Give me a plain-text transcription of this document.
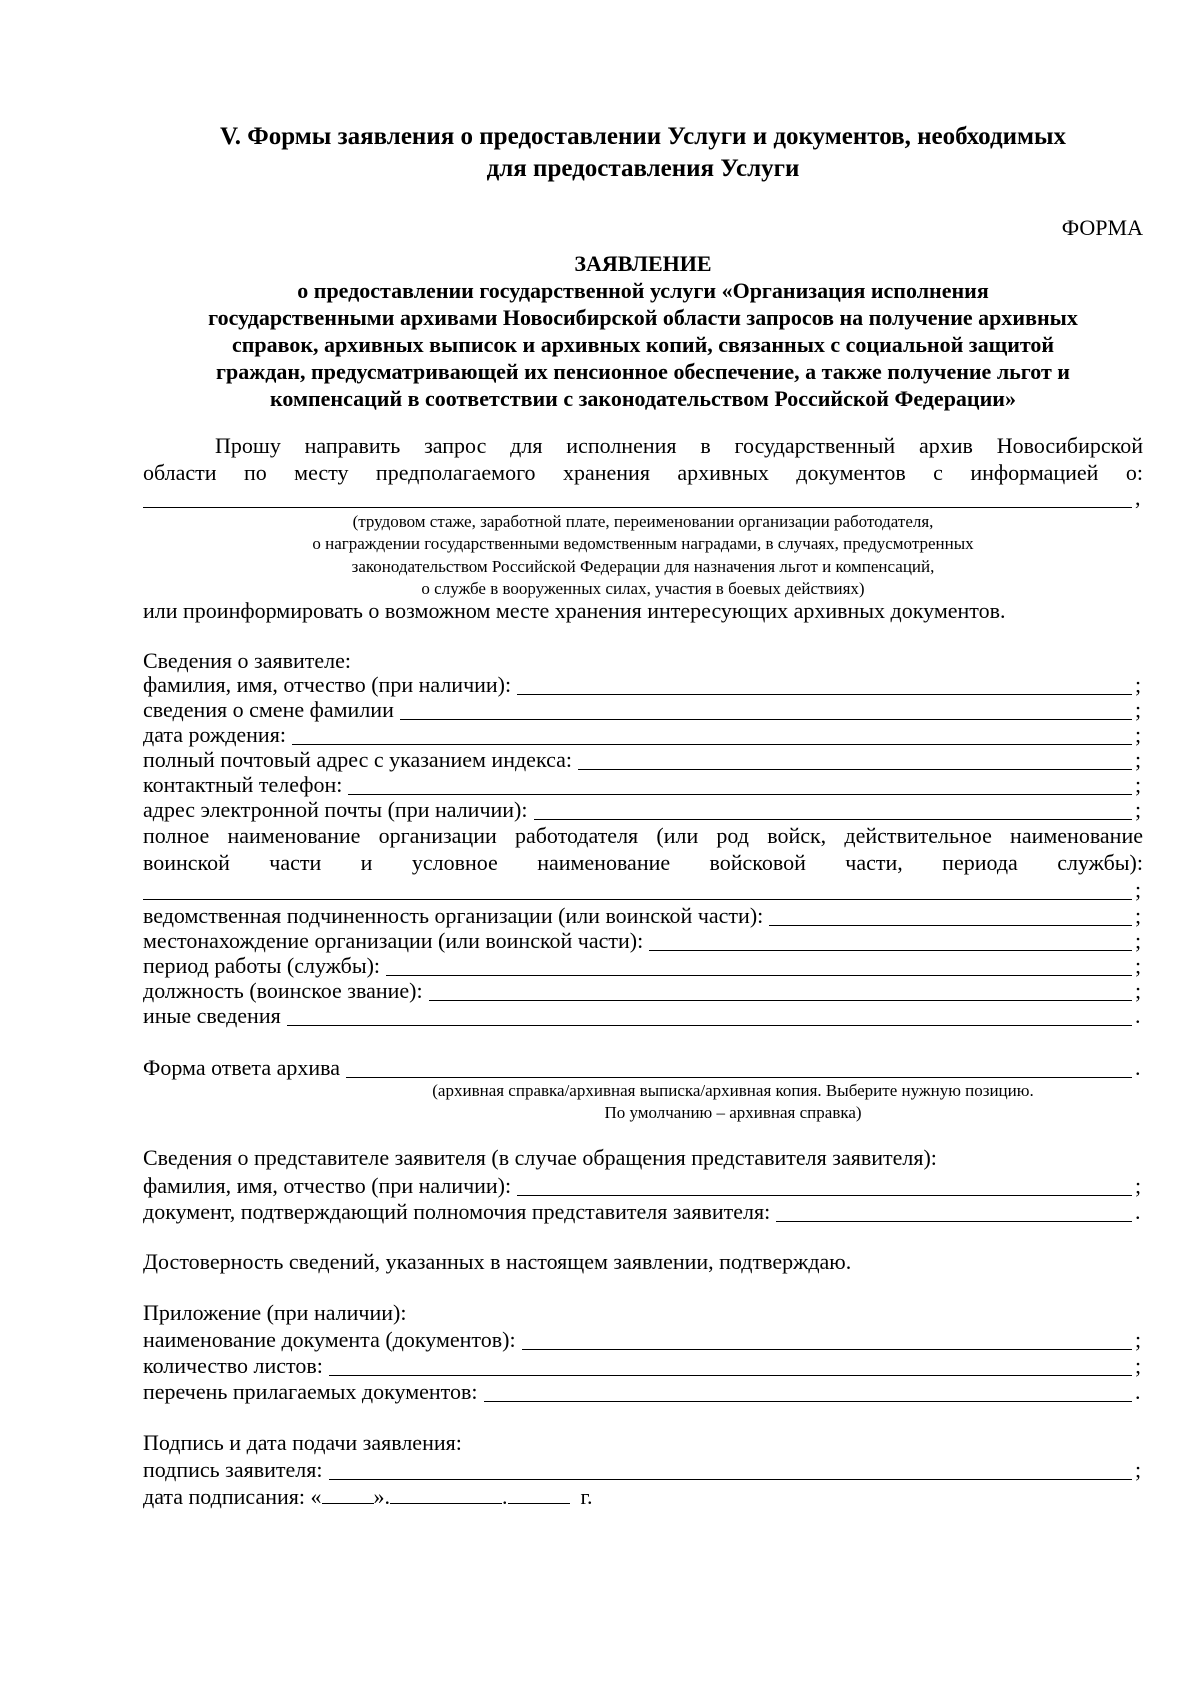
V. Формы заявления о предоставлении Услуги и документов, необходимых
для предоставления Услуги
ФОРМА
ЗАЯВЛЕНИЕ
о предоставлении государственной услуги «Организация исполнения
государственными архивами Новосибирской области запросов на получение архивных
справок, архивных выписок и архивных копий, связанных с социальной защитой
граждан, предусматривающей их пенсионное обеспечение, а также получение льгот и
компенсаций в соответствии с законодательством Российской Федерации»
Прошу направить запрос для исполнения в государственный архив Новосибирской
области по месту предполагаемого хранения архивных документов с информацией о:
,
(трудовом стаже, заработной плате, переименовании организации работодателя,
о награждении государственными ведомственным наградами, в случаях, предусмотренных
законодательством Российской Федерации для назначения льгот и компенсаций,
о службе в вооруженных силах, участия в боевых действиях)
или проинформировать о возможном месте хранения интересующих архивных документов.
Сведения о заявителе:
фамилия, имя, отчество (при наличии):	;
сведения о смене фамилии	;
дата рождения:	;
полный почтовый адрес с указанием индекса:	;
контактный телефон:	;
адрес электронной почты (при наличии):	;
полное наименование организации работодателя (или род войск, действительное наименование
воинской части и условное наименование войсковой части, периода службы):
;
ведомственная подчиненность организации (или воинской части):	;
местонахождение организации (или воинской части):	;
период работы (службы):	;
должность (воинское звание):	;
иные сведения	.
Форма ответа архива	.
(архивная справка/архивная выписка/архивная копия. Выберите нужную позицию.
По умолчанию – архивная справка)
Сведения о представителе заявителя (в случае обращения представителя заявителя):
фамилия, имя, отчество (при наличии):	;
документ, подтверждающий полномочия представителя заявителя:	.
Достоверность сведений, указанных в настоящем заявлении, подтверждаю.
Приложение (при наличии):
наименование документа (документов):	;
количество листов:	;
перечень прилагаемых документов:	.
Подпись и дата подачи заявления:
подпись заявителя:	;
дата подписания: « ».	.	г.
